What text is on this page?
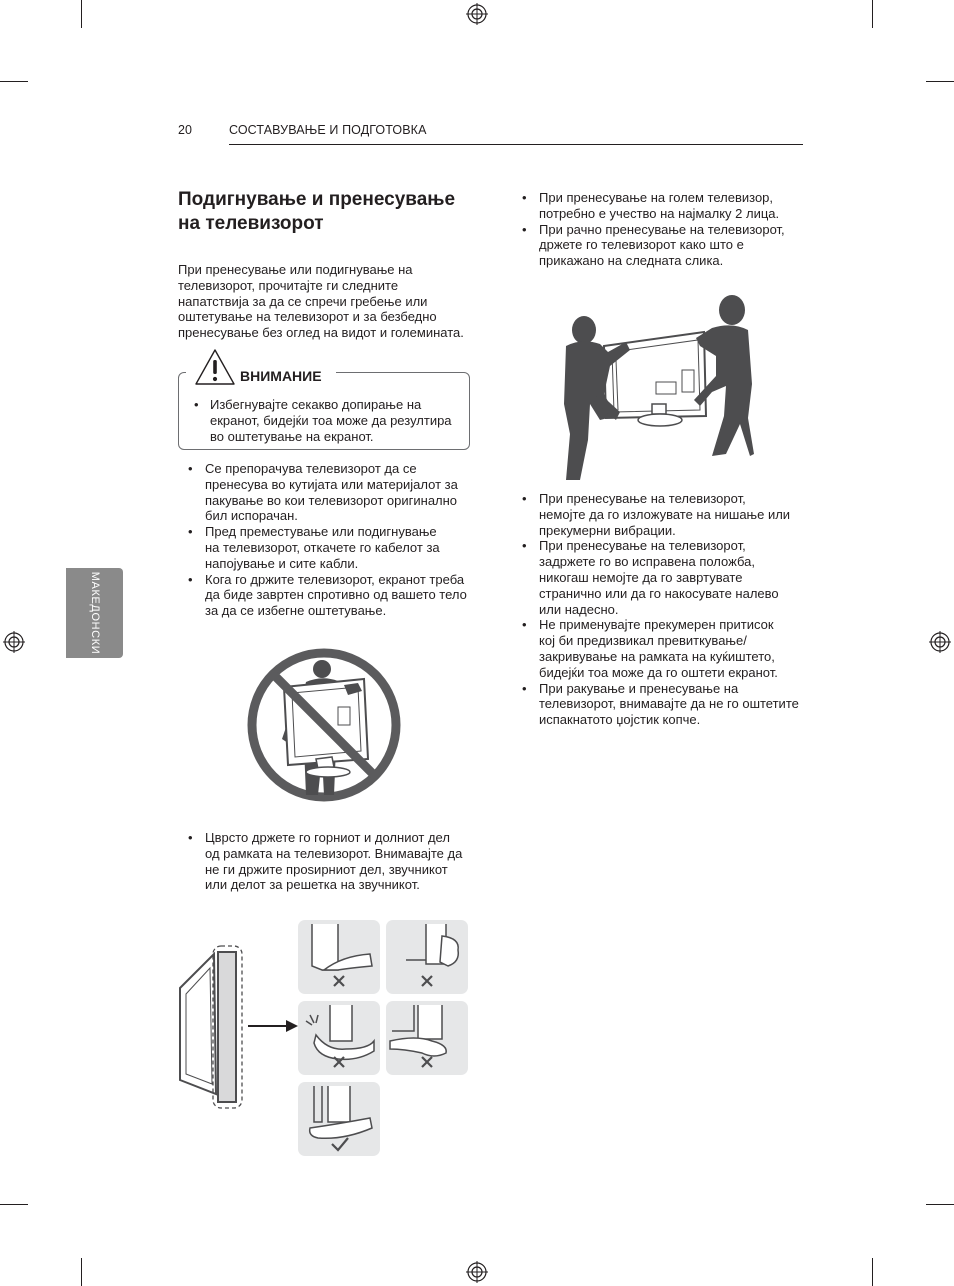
20	СОСТАВУВАЊЕ И ПОДГОТОВКА
МАКЕДОНСКИ
Подигнување и пренесување
на телевизорот

При пренесување или подигнување на
телевизорот, прочитајте ги следните
напатствија за да се спречи гребење или
оштетување на телевизорот и за безбедно
пренесување без оглед на видот и големината.

ВНИМАНИЕ
• Избегнувајте секакво допирање на
екранот, бидејќи тоа може да резултира
во оштетување на екранот.
• Се препорачува телевизорот да се
пренесува во кутијата или материјалот за
пакување во кои телевизорот оригинално
бил испорачан.
• Пред преместување или подигнување
на телевизорот, откачете го кабелот за
напојување и сите кабли.
• Кога го држите телевизорот, екранот треба
да биде завртен спротивно од вашето тело
за да се избегне оштетување.
• Цврсто држете го горниот и долниот дел
од рамката на телевизорот. Внимавајте да
не ги држите проѕирниот дел, звучникот
или делот за решетка на звучникот.
• При пренесување на голем телевизор,
потребно е учество на најмалку 2 лица.
• При рачно пренесување на телевизорот,
држете го телевизорот како што е
прикажано на следната слика.
• При пренесување на телевизорот,
немојте да го изложувате на нишање или
прекумерни вибрации.
• При пренесување на телевизорот,
задржете го во исправена положба,
никогаш немојте да го завртувате
странично или да го накосувате налево
или надесно.
• Не применувајте прекумерен притисок
кој би предизвикал превиткување/
закривување на рамката на куќиштето,
бидејќи тоа може да го оштети екранот.
• При ракување и пренесување на
телевизорот, внимавајте да не го оштетите
испакнатото џојстик копче.
